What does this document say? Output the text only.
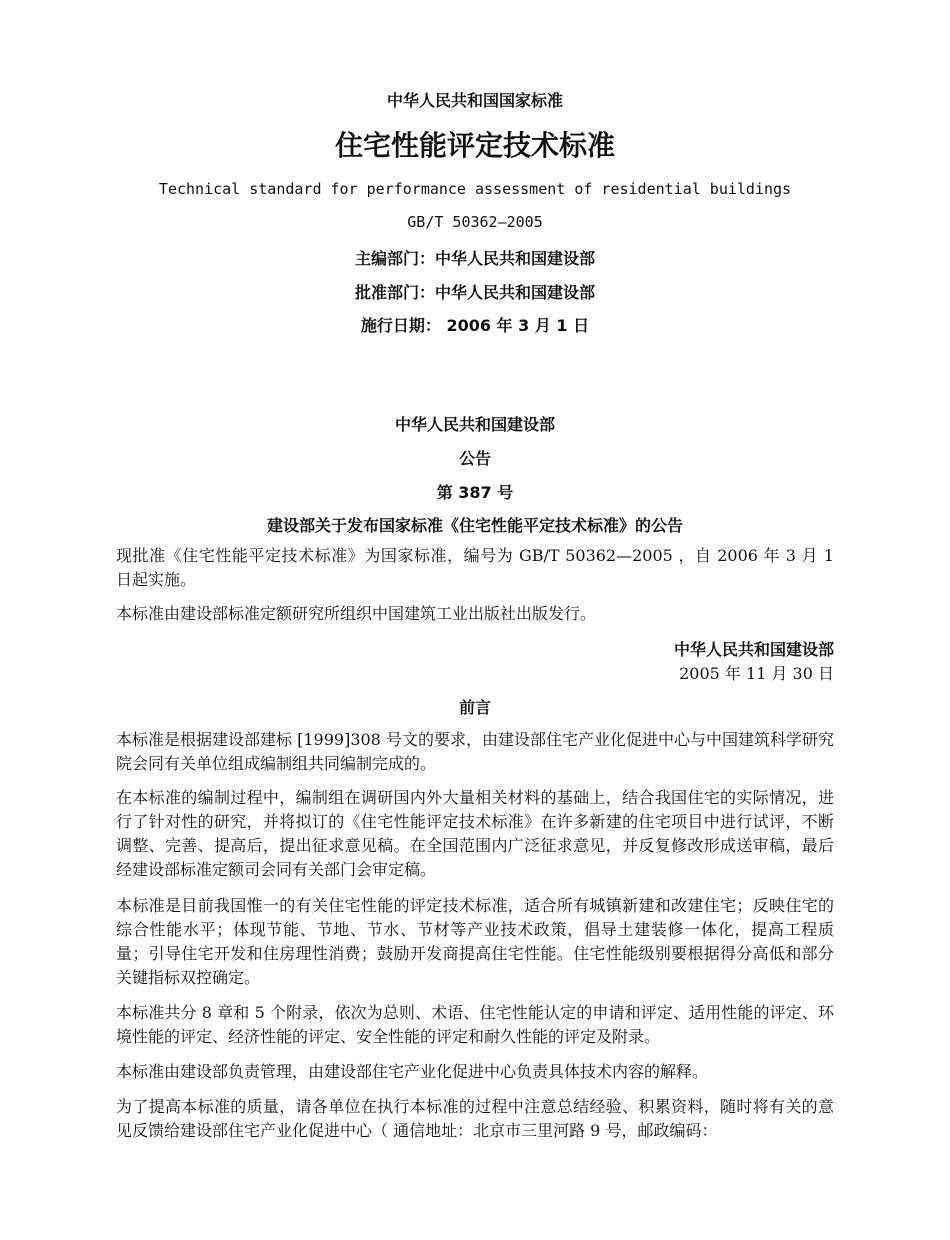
中华人民共和国国家标准
住宅性能评定技术标准
Technical standard for performance assessment of residential buildings
GB/T 50362—2005
主编部门：中华人民共和国建设部
批准部门：中华人民共和国建设部
施行日期： 2006 年 3 月 1 日
中华人民共和国建设部
公告
第 387 号
建设部关于发布国家标准《住宅性能平定技术标准》的公告
现批准《住宅性能平定技术标准》为国家标准，编号为 GB/T 50362—2005 ，自 2006 年 3 月 1 日起实施。
本标准由建设部标准定额研究所组织中国建筑工业出版社出版发行。
中华人民共和国建设部
2005 年 11 月 30 日
前言
本标准是根据建设部建标 [1999]308 号文的要求，由建设部住宅产业化促进中心与中国建筑科学研究院会同有关单位组成编制组共同编制完成的。
在本标准的编制过程中，编制组在调研国内外大量相关材料的基础上，结合我国住宅的实际情况，进行了针对性的研究，并将拟订的《住宅性能评定技术标准》在许多新建的住宅项目中进行试评，不断调整、完善、提高后，提出征求意见稿。在全国范围内广泛征求意见，并反复修改形成送审稿，最后经建设部标准定额司会同有关部门会审定稿。
本标准是目前我国惟一的有关住宅性能的评定技术标准，适合所有城镇新建和改建住宅；反映住宅的综合性能水平；体现节能、节地、节水、节材等产业技术政策，倡导土建装修一体化，提高工程质量；引导住宅开发和住房理性消费；鼓励开发商提高住宅性能。住宅性能级别要根据得分高低和部分关键指标双控确定。
本标准共分 8 章和 5 个附录，依次为总则、术语、住宅性能认定的申请和评定、适用性能的评定、环境性能的评定、经济性能的评定、安全性能的评定和耐久性能的评定及附录。
本标准由建设部负责管理，由建设部住宅产业化促进中心负责具体技术内容的解释。
为了提高本标准的质量，请各单位在执行本标准的过程中注意总结经验、积累资料，随时将有关的意见反馈给建设部住宅产业化促进中心（ 通信地址：北京市三里河路 9 号，邮政编码：
